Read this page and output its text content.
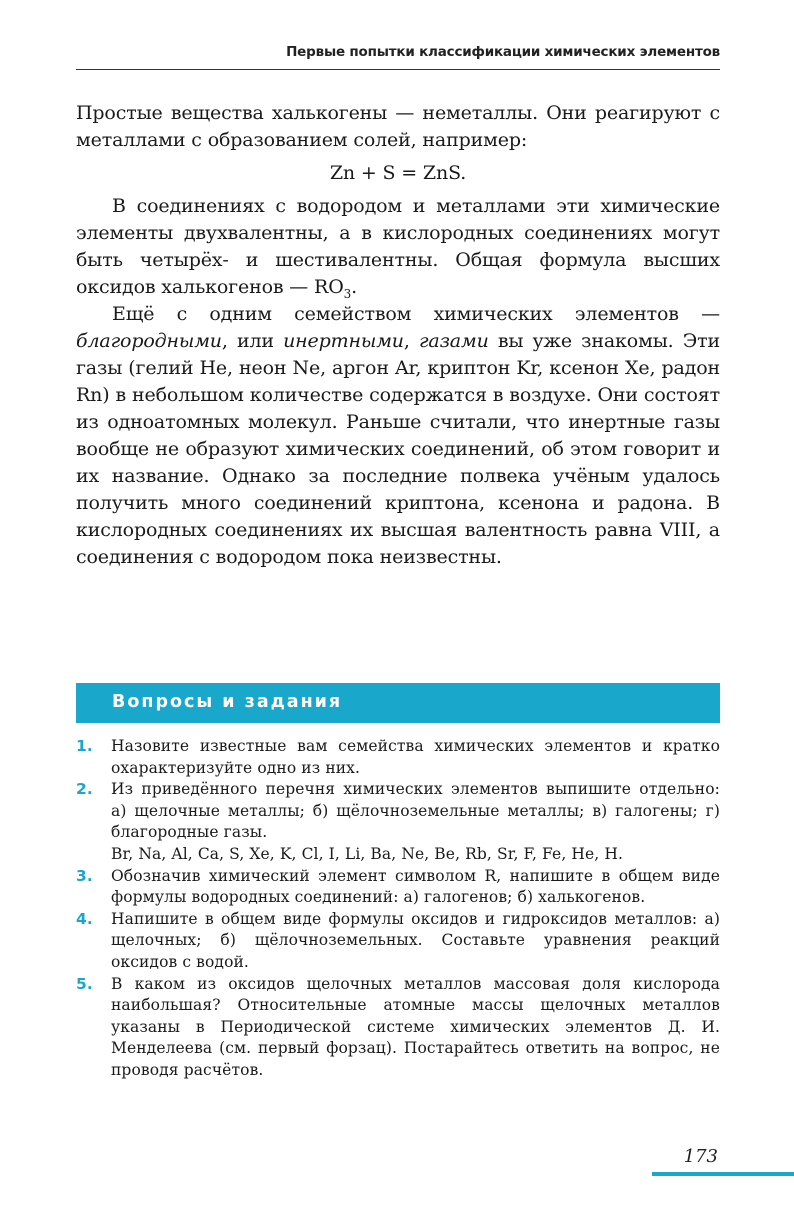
Первые попытки классификации химических элементов

Простые вещества халькогены — неметаллы. Они реагируют с металлами с образованием солей, например:

Zn + S = ZnS.

В соединениях с водородом и металлами эти химические элементы двухвалентны, а в кислородных соединениях могут быть четырёх- и шестивалентны. Общая формула высших оксидов халькогенов — $RO_3$.

Ещё с одним семейством химических элементов — благородными, или инертными, газами вы уже знакомы. Эти газы (гелий He, неон Ne, аргон Ar, криптон Kr, ксенон Xe, радон Rn) в небольшом количестве содержатся в воздухе. Они состоят из одноатомных молекул. Раньше считали, что инертные газы вообще не образуют химических соединений, об этом говорит и их название. Однако за последние полвека учёным удалось получить много соединений криптона, ксенона и радона. В кислородных соединениях их высшая валентность равна VIII, а соединения с водородом пока неизвестны.

Вопросы и задания
1. Назовите известные вам семейства химических элементов и кратко охарактеризуйте одно из них.
2. Из приведённого перечня химических элементов выпишите отдельно: а) щелочные металлы; б) щёлочноземельные металлы; в) галогены; г) благородные газы.
Br, Na, Al, Ca, S, Xe, K, Cl, I, Li, Ba, Ne, Be, Rb, Sr, F, Fe, He, H.
3. Обозначив химический элемент символом R, напишите в общем виде формулы водородных соединений: а) галогенов; б) халькогенов.
4. Напишите в общем виде формулы оксидов и гидроксидов металлов: а) щелочных; б) щёлочноземельных. Составьте уравнения реакций оксидов с водой.
5. В каком из оксидов щелочных металлов массовая доля кислорода наибольшая? Относительные атомные массы щелочных металлов указаны в Периодической системе химических элементов Д. И. Менделеева (см. первый форзац). Постарайтесь ответить на вопрос, не проводя расчётов.
173
